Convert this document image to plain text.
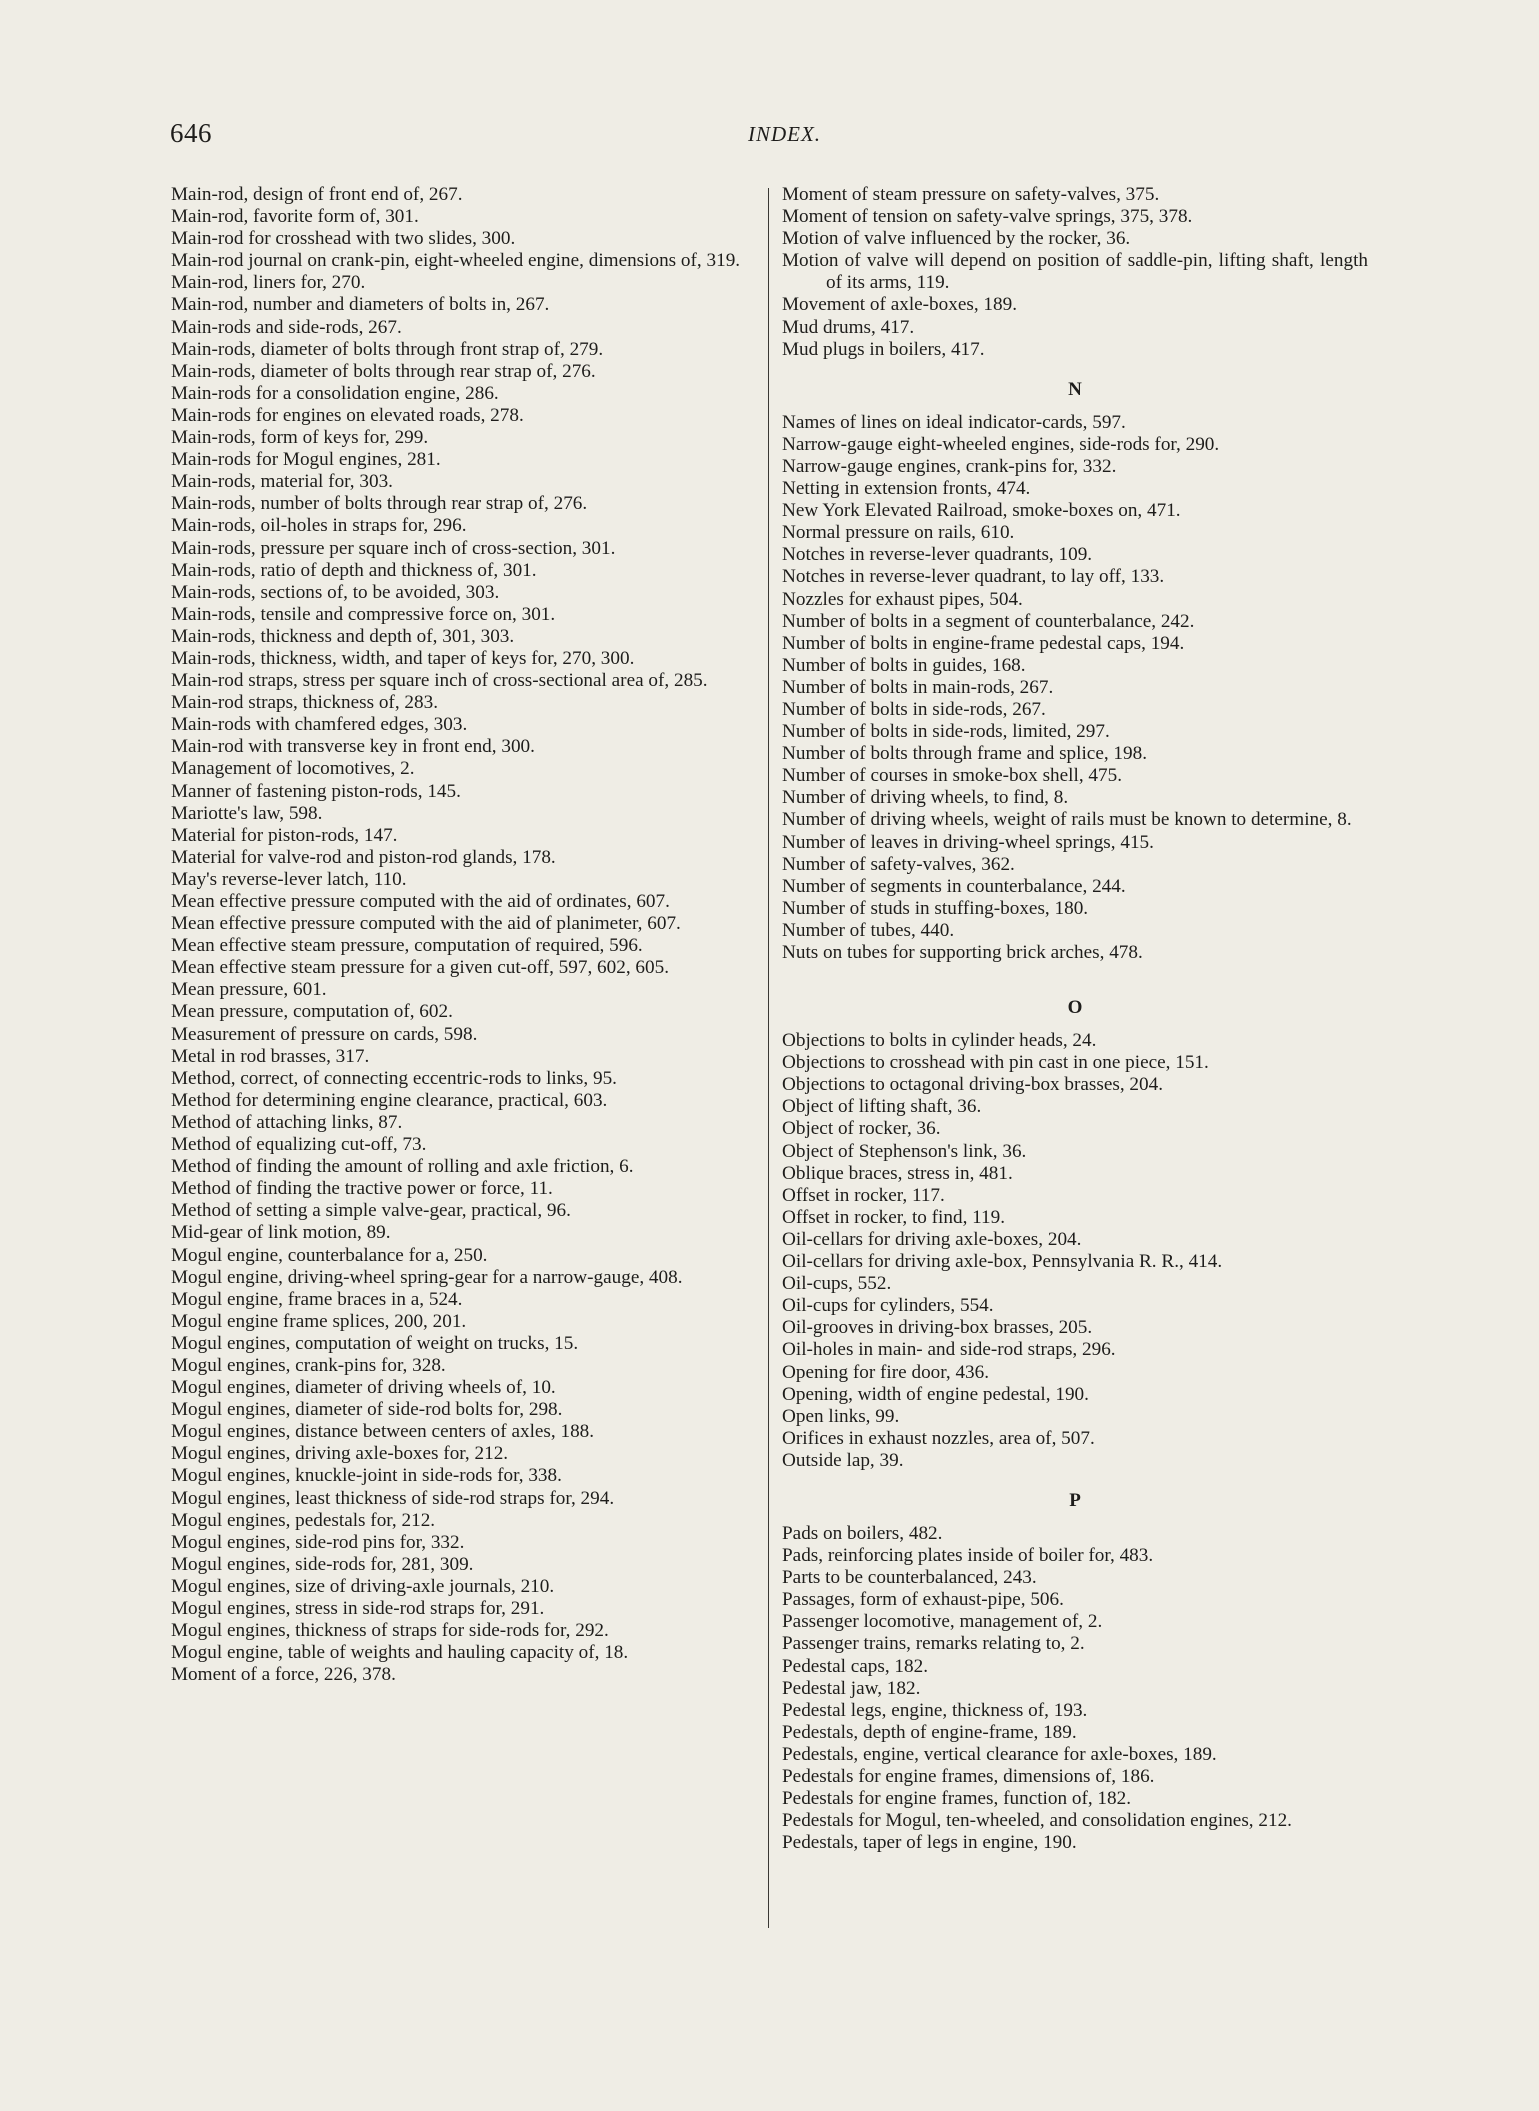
646	INDEX.
Main-rod, design of front end of, 267.
Main-rod, favorite form of, 301.
Main-rod for crosshead with two slides, 300.
Main-rod journal on crank-pin, eight-wheeled engine, dimensions of, 319.
Main-rod, liners for, 270.
Main-rod, number and diameters of bolts in, 267.
Main-rods and side-rods, 267.
Main-rods, diameter of bolts through front strap of, 279.
Main-rods, diameter of bolts through rear strap of, 276.
Main-rods for a consolidation engine, 286.
Main-rods for engines on elevated roads, 278.
Main-rods, form of keys for, 299.
Main-rods for Mogul engines, 281.
Main-rods, material for, 303.
Main-rods, number of bolts through rear strap of, 276.
Main-rods, oil-holes in straps for, 296.
Main-rods, pressure per square inch of cross-section, 301.
Main-rods, ratio of depth and thickness of, 301.
Main-rods, sections of, to be avoided, 303.
Main-rods, tensile and compressive force on, 301.
Main-rods, thickness and depth of, 301, 303.
Main-rods, thickness, width, and taper of keys for, 270, 300.
Main-rod straps, stress per square inch of cross-sectional area of, 285.
Main-rod straps, thickness of, 283.
Main-rods with chamfered edges, 303.
Main-rod with transverse key in front end, 300.
Management of locomotives, 2.
Manner of fastening piston-rods, 145.
Mariotte's law, 598.
Material for piston-rods, 147.
Material for valve-rod and piston-rod glands, 178.
May's reverse-lever latch, 110.
Mean effective pressure computed with the aid of ordinates, 607.
Mean effective pressure computed with the aid of planimeter, 607.
Mean effective steam pressure, computation of required, 596.
Mean effective steam pressure for a given cut-off, 597, 602, 605.
Mean pressure, 601.
Mean pressure, computation of, 602.
Measurement of pressure on cards, 598.
Metal in rod brasses, 317.
Method, correct, of connecting eccentric-rods to links, 95.
Method for determining engine clearance, practical, 603.
Method of attaching links, 87.
Method of equalizing cut-off, 73.
Method of finding the amount of rolling and axle friction, 6.
Method of finding the tractive power or force, 11.
Method of setting a simple valve-gear, practical, 96.
Mid-gear of link motion, 89.
Mogul engine, counterbalance for a, 250.
Mogul engine, driving-wheel spring-gear for a narrow-gauge, 408.
Mogul engine, frame braces in a, 524.
Mogul engine frame splices, 200, 201.
Mogul engines, computation of weight on trucks, 15.
Mogul engines, crank-pins for, 328.
Mogul engines, diameter of driving wheels of, 10.
Mogul engines, diameter of side-rod bolts for, 298.
Mogul engines, distance between centers of axles, 188.
Mogul engines, driving axle-boxes for, 212.
Mogul engines, knuckle-joint in side-rods for, 338.
Mogul engines, least thickness of side-rod straps for, 294.
Mogul engines, pedestals for, 212.
Mogul engines, side-rod pins for, 332.
Mogul engines, side-rods for, 281, 309.
Mogul engines, size of driving-axle journals, 210.
Mogul engines, stress in side-rod straps for, 291.
Mogul engines, thickness of straps for side-rods for, 292.
Mogul engine, table of weights and hauling capacity of, 18.
Moment of a force, 226, 378.
Moment of steam pressure on safety-valves, 375.
Moment of tension on safety-valve springs, 375, 378.
Motion of valve influenced by the rocker, 36.
Motion of valve will depend on position of saddle-pin, lifting shaft, length of its arms, 119.
Movement of axle-boxes, 189.
Mud drums, 417.
Mud plugs in boilers, 417.
N
Names of lines on ideal indicator-cards, 597.
Narrow-gauge eight-wheeled engines, side-rods for, 290.
Narrow-gauge engines, crank-pins for, 332.
Netting in extension fronts, 474.
New York Elevated Railroad, smoke-boxes on, 471.
Normal pressure on rails, 610.
Notches in reverse-lever quadrants, 109.
Notches in reverse-lever quadrant, to lay off, 133.
Nozzles for exhaust pipes, 504.
Number of bolts in a segment of counterbalance, 242.
Number of bolts in engine-frame pedestal caps, 194.
Number of bolts in guides, 168.
Number of bolts in main-rods, 267.
Number of bolts in side-rods, 267.
Number of bolts in side-rods, limited, 297.
Number of bolts through frame and splice, 198.
Number of courses in smoke-box shell, 475.
Number of driving wheels, to find, 8.
Number of driving wheels, weight of rails must be known to determine, 8.
Number of leaves in driving-wheel springs, 415.
Number of safety-valves, 362.
Number of segments in counterbalance, 244.
Number of studs in stuffing-boxes, 180.
Number of tubes, 440.
Nuts on tubes for supporting brick arches, 478.
O
Objections to bolts in cylinder heads, 24.
Objections to crosshead with pin cast in one piece, 151.
Objections to octagonal driving-box brasses, 204.
Object of lifting shaft, 36.
Object of rocker, 36.
Object of Stephenson's link, 36.
Oblique braces, stress in, 481.
Offset in rocker, 117.
Offset in rocker, to find, 119.
Oil-cellars for driving axle-boxes, 204.
Oil-cellars for driving axle-box, Pennsylvania R. R., 414.
Oil-cups, 552.
Oil-cups for cylinders, 554.
Oil-grooves in driving-box brasses, 205.
Oil-holes in main- and side-rod straps, 296.
Opening for fire door, 436.
Opening, width of engine pedestal, 190.
Open links, 99.
Orifices in exhaust nozzles, area of, 507.
Outside lap, 39.
P
Pads on boilers, 482.
Pads, reinforcing plates inside of boiler for, 483.
Parts to be counterbalanced, 243.
Passages, form of exhaust-pipe, 506.
Passenger locomotive, management of, 2.
Passenger trains, remarks relating to, 2.
Pedestal caps, 182.
Pedestal jaw, 182.
Pedestal legs, engine, thickness of, 193.
Pedestals, depth of engine-frame, 189.
Pedestals, engine, vertical clearance for axle-boxes, 189.
Pedestals for engine frames, dimensions of, 186.
Pedestals for engine frames, function of, 182.
Pedestals for Mogul, ten-wheeled, and consolidation engines, 212.
Pedestals, taper of legs in engine, 190.
